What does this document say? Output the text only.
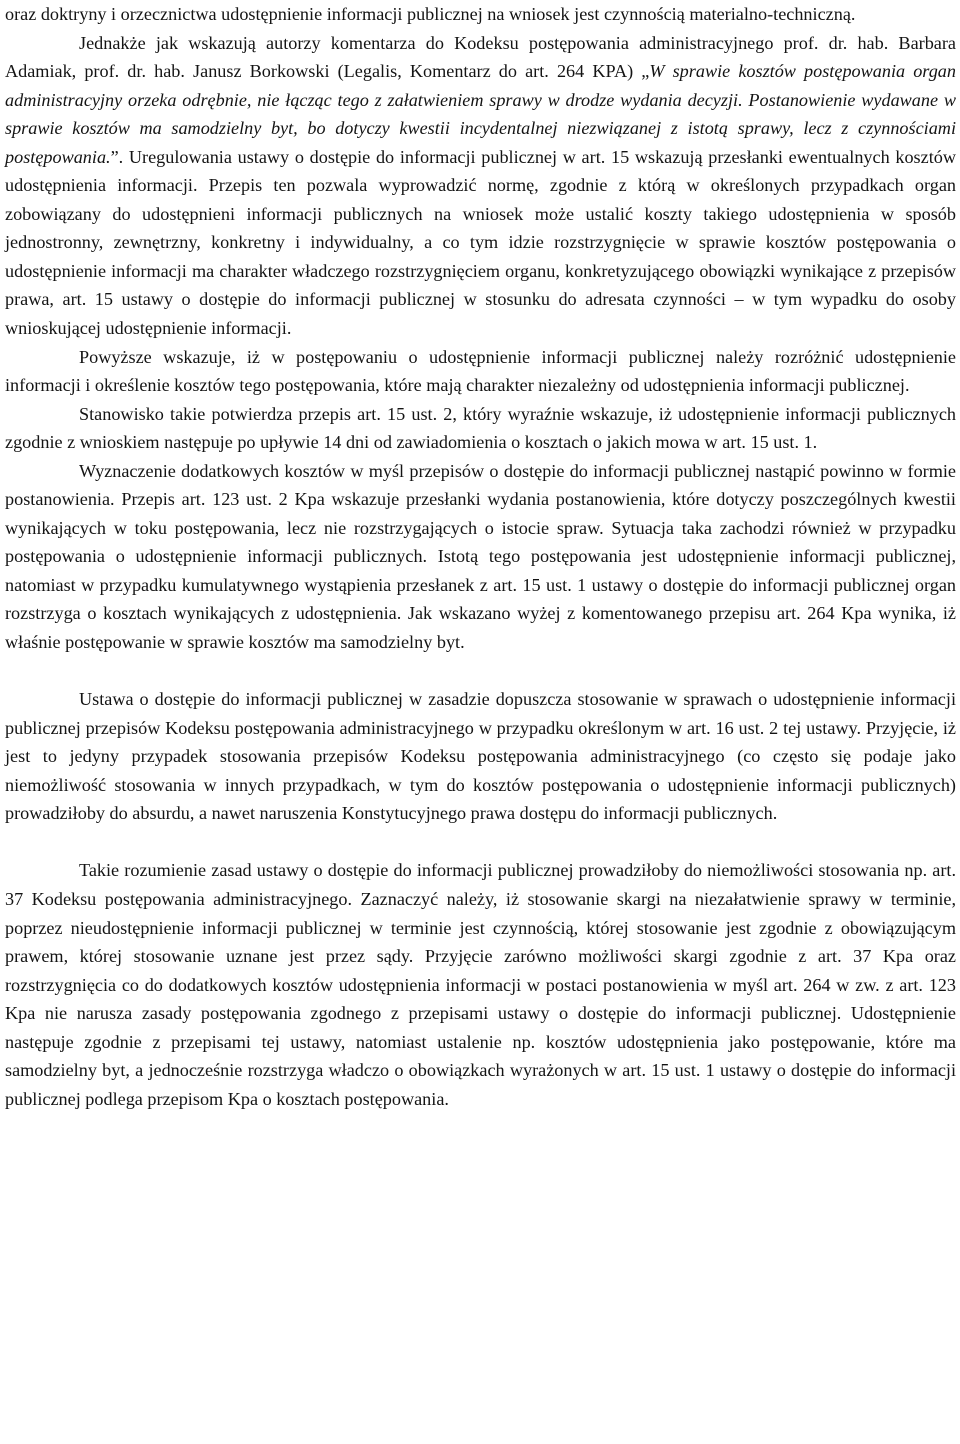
oraz doktryny i orzecznictwa udostępnienie informacji publicznej na wniosek jest czynnością materialno-techniczną.

Jednakże jak wskazują autorzy komentarza do Kodeksu postępowania administracyjnego prof. dr. hab. Barbara Adamiak, prof. dr. hab. Janusz Borkowski (Legalis, Komentarz do art. 264 KPA) „W sprawie kosztów postępowania organ administracyjny orzeka odrębnie, nie łącząc tego z załatwieniem sprawy w drodze wydania decyzji. Postanowienie wydawane w sprawie kosztów ma samodzielny byt, bo dotyczy kwestii incydentalnej niezwiązanej z istotą sprawy, lecz z czynnościami postępowania.”. Uregulowania ustawy o dostępie do informacji publicznej w art. 15 wskazują przesłanki ewentualnych kosztów udostępnienia informacji. Przepis ten pozwala wyprowadzić normę, zgodnie z którą w określonych przypadkach organ zobowiązany do udostępnieni informacji publicznych na wniosek może ustalić koszty takiego udostępnienia w sposób jednostronny, zewnętrzny, konkretny i indywidualny, a co tym idzie rozstrzygnięcie w sprawie kosztów postępowania o udostępnienie informacji ma charakter władczego rozstrzygnięciem organu, konkretyzującego obowiązki wynikające z przepisów prawa, art. 15 ustawy o dostępie do informacji publicznej w stosunku do adresata czynności – w tym wypadku do osoby wnioskującej udostępnienie informacji.

Powyższe wskazuje, iż w postępowaniu o udostępnienie informacji publicznej należy rozróżnić udostępnienie informacji i określenie kosztów tego postępowania, które mają charakter niezależny od udostępnienia informacji publicznej.

Stanowisko takie potwierdza przepis art. 15 ust. 2, który wyraźnie wskazuje, iż udostępnienie informacji publicznych zgodnie z wnioskiem następuje po upływie 14 dni od zawiadomienia o kosztach o jakich mowa w art. 15 ust. 1.

Wyznaczenie dodatkowych kosztów w myśl przepisów o dostępie do informacji publicznej nastąpić powinno w formie postanowienia. Przepis art. 123 ust. 2 Kpa wskazuje przesłanki wydania postanowienia, które dotyczy poszczególnych kwestii wynikających w toku postępowania, lecz nie rozstrzygających o istocie spraw. Sytuacja taka zachodzi również w przypadku postępowania o udostępnienie informacji publicznych. Istotą tego postępowania jest udostępnienie informacji publicznej, natomiast w przypadku kumulatywnego wystąpienia przesłanek z art. 15 ust. 1 ustawy o dostępie do informacji publicznej organ rozstrzyga o kosztach wynikających z udostępnienia. Jak wskazano wyżej z komentowanego przepisu art. 264 Kpa wynika, iż właśnie postępowanie w sprawie kosztów ma samodzielny byt.

Ustawa o dostępie do informacji publicznej w zasadzie dopuszcza stosowanie w sprawach o udostępnienie informacji publicznej przepisów Kodeksu postępowania administracyjnego w przypadku określonym w art. 16 ust. 2 tej ustawy. Przyjęcie, iż jest to jedyny przypadek stosowania przepisów Kodeksu postępowania administracyjnego (co często się podaje jako niemożliwość stosowania w innych przypadkach, w tym do kosztów postępowania o udostępnienie informacji publicznych) prowadziłoby do absurdu, a nawet naruszenia Konstytucyjnego prawa dostępu do informacji publicznych.

Takie rozumienie zasad ustawy o dostępie do informacji publicznej prowadziłoby do niemożliwości stosowania np. art. 37 Kodeksu postępowania administracyjnego. Zaznaczyć należy, iż stosowanie skargi na niezałatwienie sprawy w terminie, poprzez nieudostępnienie informacji publicznej w terminie jest czynnością, której stosowanie jest zgodnie z obowiązującym prawem, której stosowanie uznane jest przez sądy. Przyjęcie zarówno możliwości skargi zgodnie z art. 37 Kpa oraz rozstrzygnięcia co do dodatkowych kosztów udostępnienia informacji w postaci postanowienia w myśl art. 264 w zw. z art. 123 Kpa nie narusza zasady postępowania zgodnego z przepisami ustawy o dostępie do informacji publicznej. Udostępnienie następuje zgodnie z przepisami tej ustawy, natomiast ustalenie np. kosztów udostępnienia jako postępowanie, które ma samodzielny byt, a jednocześnie rozstrzyga władczo o obowiązkach wyrażonych w art. 15 ust. 1 ustawy o dostępie do informacji publicznej podlega przepisom Kpa o kosztach postępowania.
